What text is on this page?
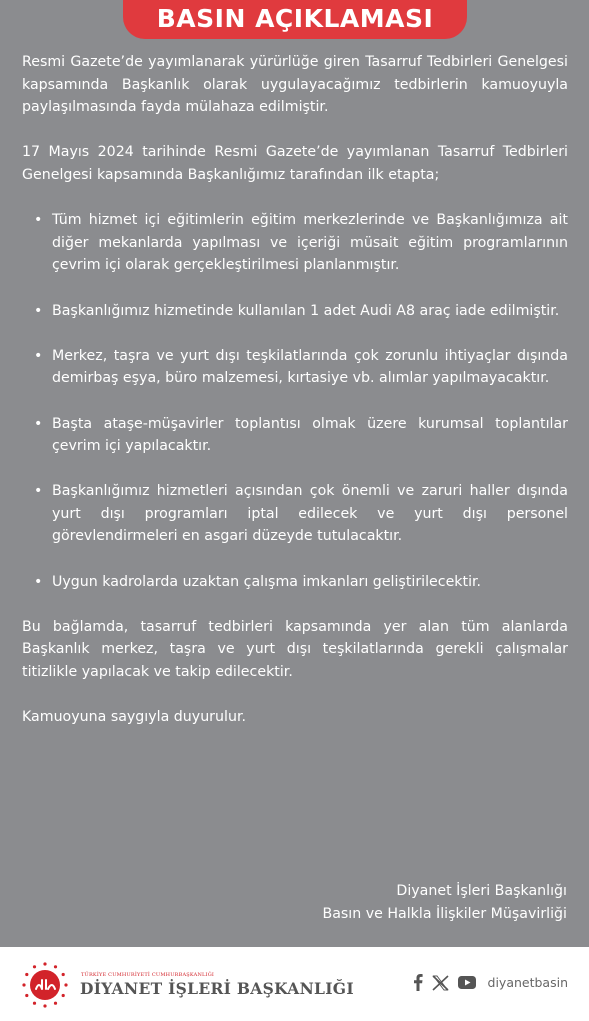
BASIN AÇIKLAMASI

Resmi Gazete’de yayımlanarak yürürlüğe giren Tasarruf Tedbirleri Genelgesi kapsamında Başkanlık olarak uygulayacağımız tedbirlerin kamuoyuyla paylaşılmasında fayda mülahaza edilmiştir.

17 Mayıs 2024 tarihinde Resmi Gazete’de yayımlanan Tasarruf Tedbirleri Genelgesi kapsamında Başkanlığımız tarafından ilk etapta;

• Tüm hizmet içi eğitimlerin eğitim merkezlerinde ve Başkanlığımıza ait diğer mekanlarda yapılması ve içeriği müsait eğitim programlarının çevrim içi olarak gerçekleştirilmesi planlanmıştır.
• Başkanlığımız hizmetinde kullanılan 1 adet Audi A8 araç iade edilmiştir.
• Merkez, taşra ve yurt dışı teşkilatlarında çok zorunlu ihtiyaçlar dışında demirbaş eşya, büro malzemesi, kırtasiye vb. alımlar yapılmayacaktır.
• Başta ataşe-müşavirler toplantısı olmak üzere kurumsal toplantılar çevrim içi yapılacaktır.
• Başkanlığımız hizmetleri açısından çok önemli ve zaruri haller dışında yurt dışı programları iptal edilecek ve yurt dışı personel görevlendirmeleri en asgari düzeyde tutulacaktır.
• Uygun kadrolarda uzaktan çalışma imkanları geliştirilecektir.

Bu bağlamda, tasarruf tedbirleri kapsamında yer alan tüm alanlarda Başkanlık merkez, taşra ve yurt dışı teşkilatlarında gerekli çalışmalar titizlikle yapılacak ve takip edilecektir.

Kamuoyuna saygıyla duyurulur.

Diyanet İşleri Başkanlığı
Basın ve Halkla İlişkiler Müşavirliği
TÜRKİYE CUMHURİYETİ CUMHURBAŞKANLIĞI
DİYANET İŞLERİ BAŞKANLIĞI	diyanetbasin
